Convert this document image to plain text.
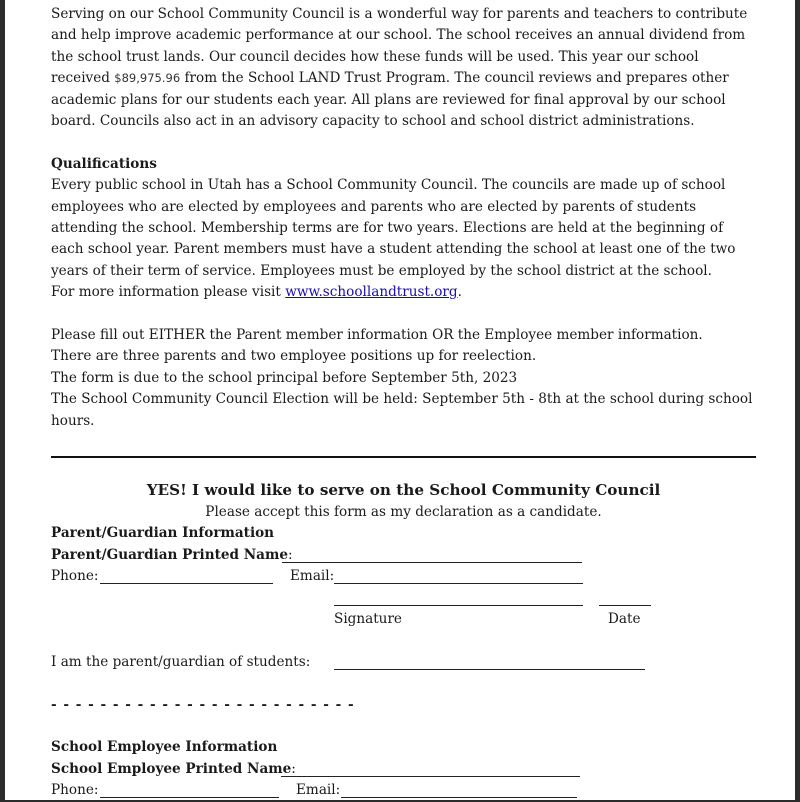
Serving on our School Community Council is a wonderful way for parents and teachers to contribute and help improve academic performance at our school. The school receives an annual dividend from the school trust lands. Our council decides how these funds will be used. This year our school received $89,975.96 from the School LAND Trust Program. The council reviews and prepares other academic plans for our students each year. All plans are reviewed for final approval by our school board. Councils also act in an advisory capacity to school and school district administrations.

Qualifications

Every public school in Utah has a School Community Council. The councils are made up of school employees who are elected by employees and parents who are elected by parents of students attending the school. Membership terms are for two years. Elections are held at the beginning of each school year. Parent members must have a student attending the school at least one of the two years of their term of service. Employees must be employed by the school district at the school.

For more information please visit www.schoollandtrust.org.

Please fill out EITHER the Parent member information OR the Employee member information.

There are three parents and two employee positions up for reelection.

The form is due to the school principal before September 5th, 2023

The School Community Council Election will be held: September 5th - 8th at the school during school hours.

YES! I would like to serve on the School Community Council
Please accept this form as my declaration as a candidate.
Parent/Guardian Information
Parent/Guardian Printed Name:
Phone:	Email:
Signature	Date
I am the parent/guardian of students:
- - - - - - - - - - - - - - - - - - - - - - - - -
School Employee Information
School Employee Printed Name:
Phone:	Email:
